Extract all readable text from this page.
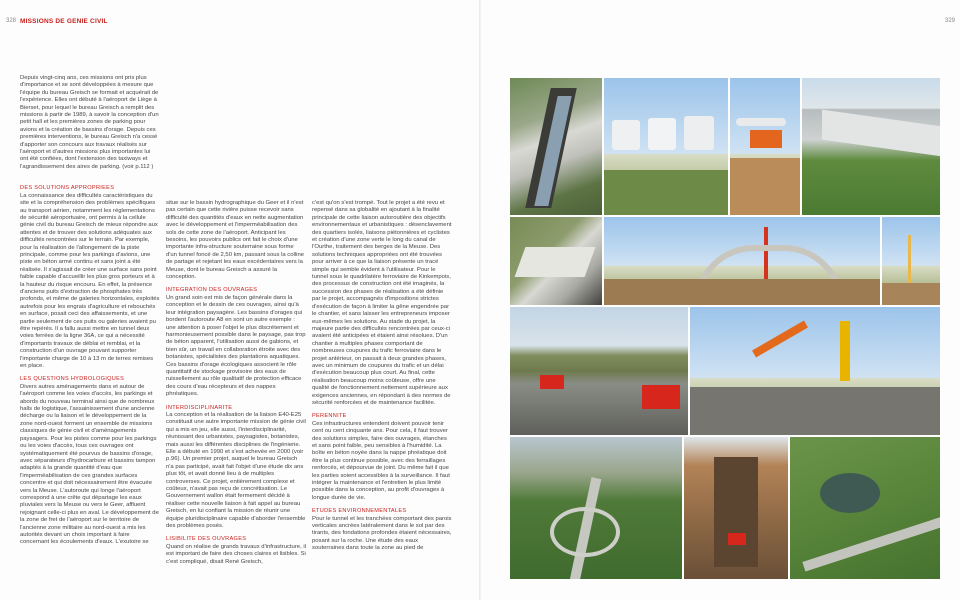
328 MISSIONS DE GENIE CIVIL	329

Depuis vingt-cinq ans, ces missions ont pris plus d'importance et se sont développées à mesure que l'équipe du bureau Greisch se formait et acquérait de l'expérience. Elles ont débuté à l'aéroport de Liège à Bierset, pour lequel le bureau Greisch a remplit des missions à partir de 1989, à savoir la conception d'un petit hall et les premières zones de parking pour avions et la création de bassins d'orage. Depuis ces premières interventions, le bureau Greisch n'a cessé d'apporter son concours aux travaux réalisés sur l'aéroport et d'autres missions plus importantes lui ont été confiées, dont l'extension des taxiways et l'agrandissement des aires de parking. (voir p.112 )

DES SOLUTIONS APPROPRIEES

La connaissance des difficultés caractéristiques du site et la compréhension des problèmes spécifiques au transport aérien, notamment les réglementations de sécurité aéroportuaire, ont permis à la cellule génie civil du bureau Greisch de mieux répondre aux attentes et de trouver des solutions adéquates aux difficultés rencontrées sur le terrain. Par exemple, pour la réalisation de l'allongement de la piste principale, comme pour les parkings d'avions, une piste en béton armé continu et sans joint a été réalisée. Il s'agissait de créer une surface sans point faible capable d'accueillir les plus gros porteurs et à la hauteur du risque encouru. En effet, la présence d'anciens puits d'extraction de phosphates très profonds, et même de galeries horizontales, exploités autrefois pour les engrais d'agriculture et rebouchés en surface, posait ceci des affaissements, et une partie seulement de ces puits ou galeries avaient pu être repérés. Il a fallu aussi mettre en tunnel deux voies ferrées de la ligne 36A, ce qui a nécessité d'importants travaux de déblai et remblai, et la construction d'un ouvrage pouvant supporter l'importante charge de 10 à 13 m de terres remises en place.

LES QUESTIONS HYDROLOGIQUES

Divers autres aménagements dans et autour de l'aéroport comme les voies d'accès, les parkings et abords du nouveau terminal ainsi que de nombreux halls de logistique, l'assainissement d'une ancienne décharge ou la liaison et le développement de la zone nord-ouest forment un ensemble de missions classiques de génie civil et d'aménagements paysagers. Pour les pistes comme pour les parkings ou les voies d'accès, tous ces ouvrages ont systématiquement été pourvus de bassins d'orage, avec séparateurs d'hydrocarbure et bassins tampon adaptés à la grande quantité d'eau que l'imperméabilisation de ces grandes surfaces concentre et qui doit nécessairement être évacuée vers la Meuse. L'autoroute qui longe l'aéroport correspond à une crête qui départage les eaux pluviales vers la Meuse ou vers le Geer, affluent rejoignant celle-ci plus en aval. Le développement de la zone de fret de l'aéroport sur le territoire de l'ancienne zone militaire au nord-ouest a mis les autorités devant un choix important à faire concernant les écoulements d'eaux. L'exutoire se

situe sur le bassin hydrographique du Geer et il n'est pas certain que cette rivière puisse recevoir sans difficulté des quantités d'eaux en nette augmentation avec le développement et l'imperméabilisation des sols de cette zone de l'aéroport. Anticipant les besoins, les pouvoirs publics ont fait le choix d'une importante infra-structure souterraine sous forme d'un tunnel foncé de 2,50 km, passant sous la colline de partage et rejetant les eaux excédentaires vers la Meuse, dont le bureau Greisch a assuré la conception.

INTEGRATION DES OUVRAGES

Un grand soin est mis de façon générale dans la conception et le dessin de ces ouvrages, ainsi qu'à leur intégration paysagère. Les bassins d'orages qui bordent l'autoroute A8 en sont un autre exemple : une attention à poser l'objet le plus discrètement et harmonieusement possible dans le paysage, pas trop de béton apparent, l'utilisation aussi de gabions, et bien sûr, un travail en collaboration étroite avec des botanistes, spécialistes des plantations aquatiques. Ces bassins d'orage écologiques associent le rôle quantitatif de stockage provisoire des eaux de ruissellement au rôle qualitatif de protection efficace des cours d'eau récepteurs et des nappes phréatiques.

INTERDISCIPLINARITE

La conception et la réalisation de la liaison E40-E25 constituait une autre importante mission de génie civil qui a mis en jeu, elle aussi, l'interdisciplinarité, réunissant des urbanistes, paysagistes, botanistes, mais aussi les différentes disciplines de l'ingénierie. Elle a débuté en 1990 et s'est achevée en 2000 (voir p.96). Un premier projet, auquel le bureau Greisch n'a pas participé, avait fait l'objet d'une étude dix ans plus tôt, et avait donné lieu à de multiples controverses. Ce projet, entièrement complexe et coûteux, n'avait pas reçu de concrétisation. Le Gouvernement wallon était fermement décidé à réaliser cette nouvelle liaison à fait appel au bureau Greisch, en lui confiant la mission de réunir une équipe pluridisciplinaire capable d'aborder l'ensemble des problèmes posés.

LISIBILITE DES OUVRAGES

Quand on réalise de grands travaux d'infrastructure, il est important de faire des choses claires et lisibles. Si c'est compliqué, disait René Greisch,

c'est qu'on s'est trompé. Tout le projet a été revu et repensé dans sa globalité en ajoutant à la finalité principale de cette liaison autoroutière des objectifs environnementaux et urbanistiques : désenclavement des quartiers isolés, liaisons piétonnières et cyclistes et création d'une zone verte le long du canal de l'Ourthe, traitement des berges de la Meuse. Des solutions techniques appropriées ont été trouvées pour arriver à ce que la liaison présente un tracé simple qui semble évident à l'utilisateur. Pour le tunnel sous le quadrilatère ferroviaire de Kinkempois, des processus de construction ont été imaginés, la succession des phases de réalisation a été définie par le projet, accompagnés d'impositions strictes d'exécution de façon à limiter la gêne engendrée par le chantier, et sans laisser les entrepreneurs imposer eux-mêmes les solutions. Au stade du projet, la majeure partie des difficultés rencontrées par ceux-ci avaient été anticipées et étaient ainsi résolues. D'un chantier à multiples phases comportant de nombreuses coupures du trafic ferroviaire dans le projet antérieur, on passait à deux grandes phases, avec un minimum de coupures du trafic et un délai d'exécution beaucoup plus court. Au final, cette réalisation beaucoup moins coûteuse, offre une qualité de fonctionnement nettement supérieure aux exigences anciennes, en répondant à des normes de sécurité renforcées et de maintenance facilitée.

PERENNITE

Ces infrastructures entendent doivent pouvoir tenir cent ou cent cinquante ans. Pour cela, il faut trouver des solutions simples, faire des ouvrages, étanches et sans point faible, peu sensibles à l'humidité. La boîte en béton noyée dans la nappe phréatique doit être la plus continue possible, avec des ferraillages renforcés, et dépourvue de joint. Du même fait il que les parties soient accessibles à la surveillance. Il faut intégrer la maintenance et l'entretien le plus limité possible dans la conception, au profit d'ouvrages à longue durée de vie.

ETUDES ENVIRONNEMENTALES

Pour le tunnel et les tranchées comportant des parois verticales ancrées latéralement dans le sol par des tirants, des fondations profondes étaient nécessaires, posant sur la roche. Une étude des eaux souterraines dans toute la zone au pied de
